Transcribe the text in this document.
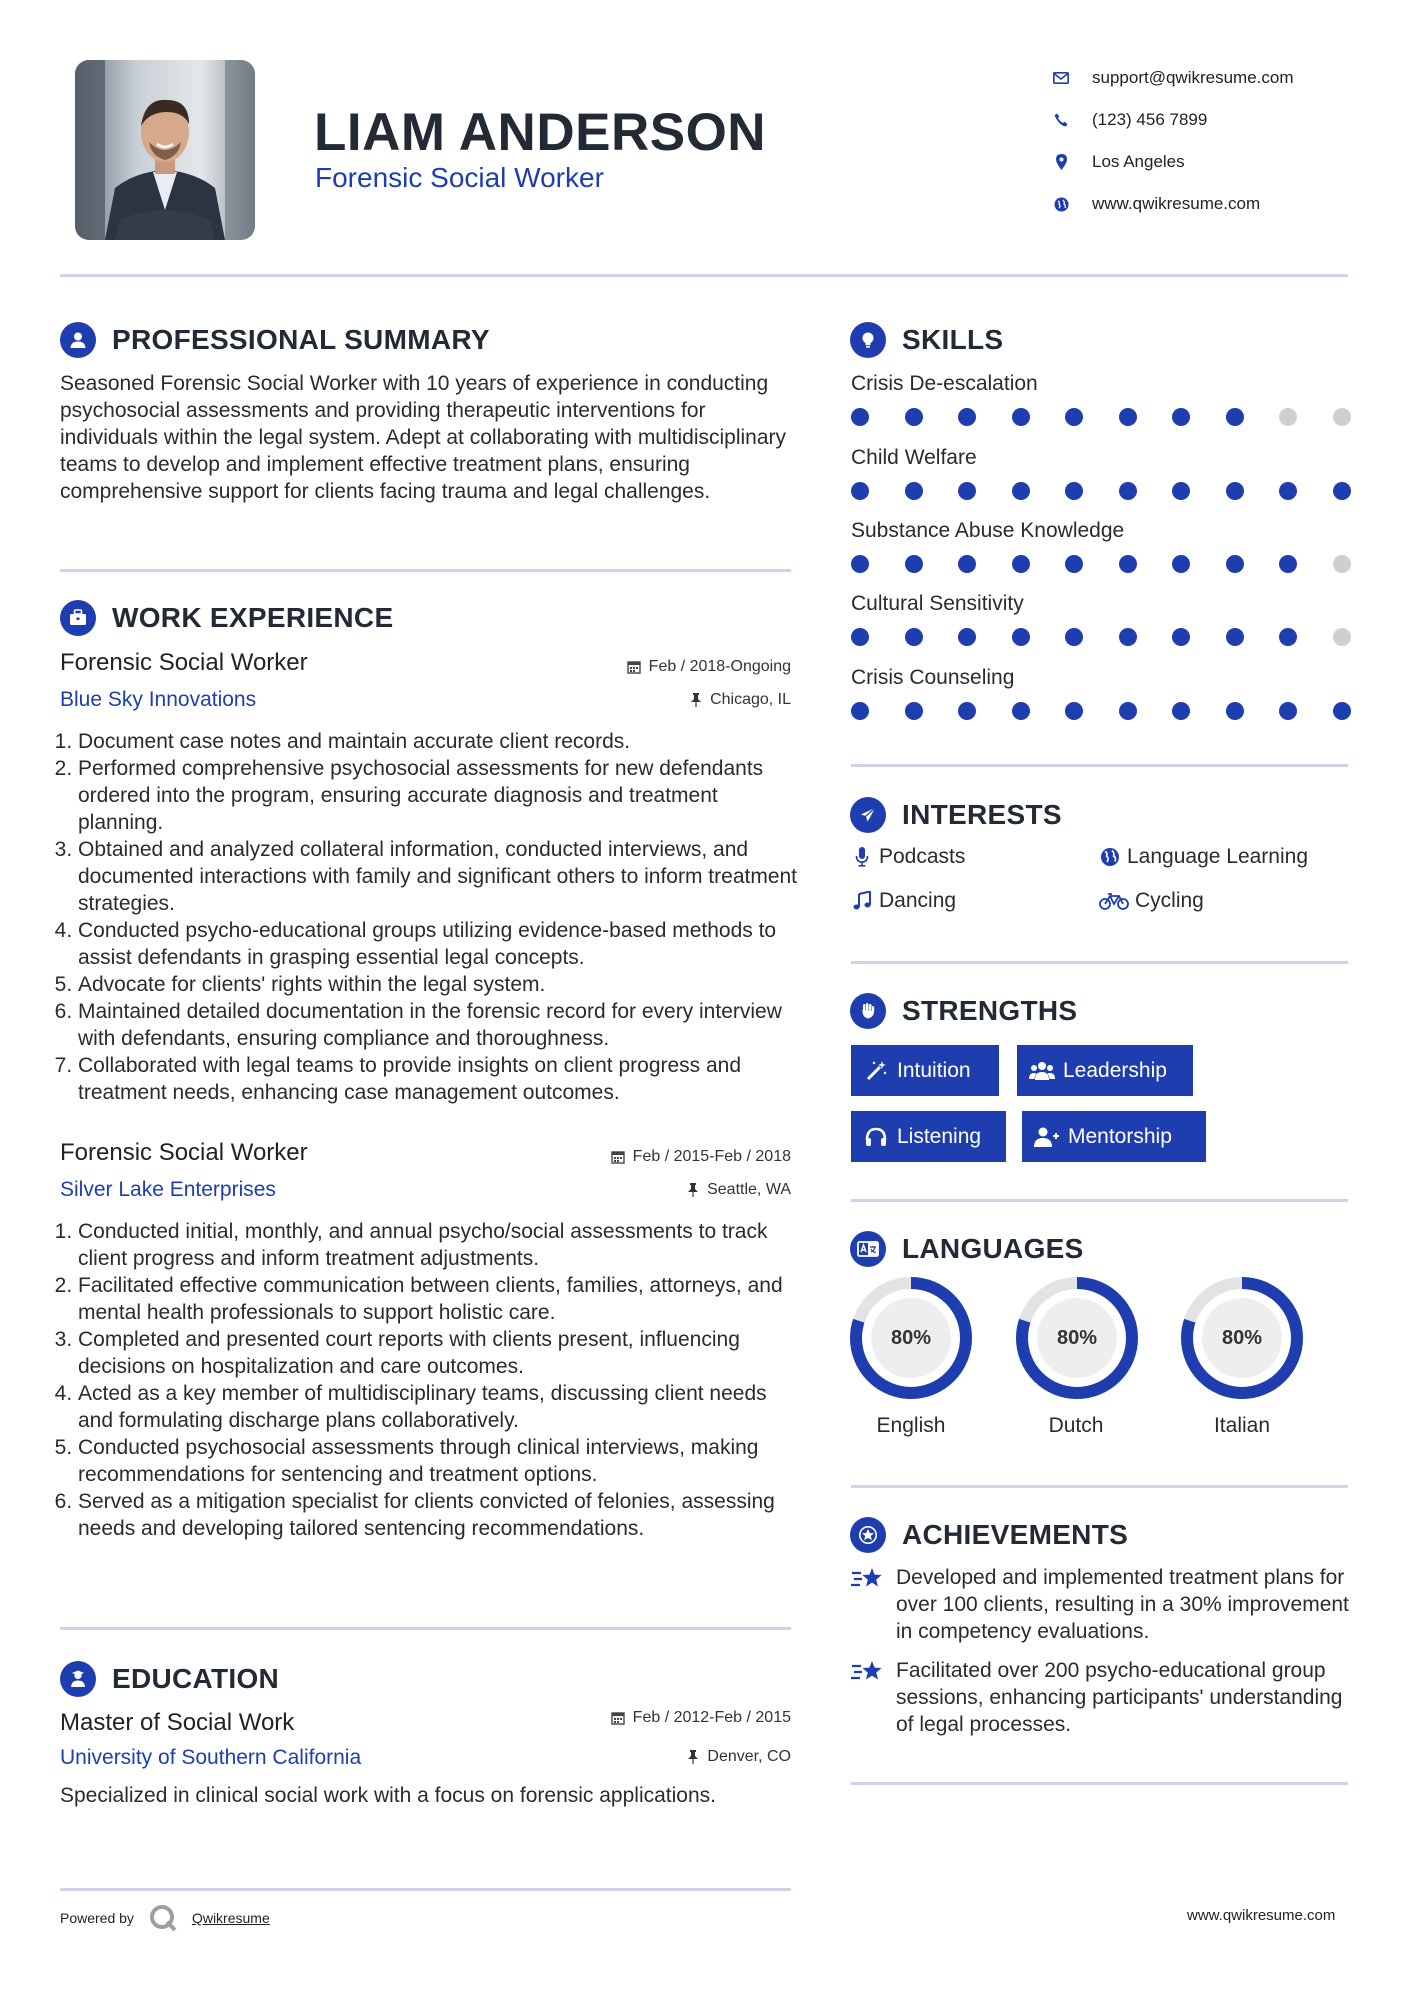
LIAM ANDERSON
Forensic Social Worker
support@qwikresume.com
(123) 456 7899
Los Angeles
www.qwikresume.com
PROFESSIONAL SUMMARY
Seasoned Forensic Social Worker with 10 years of experience in conducting psychosocial assessments and providing therapeutic interventions for individuals within the legal system. Adept at collaborating with multidisciplinary teams to develop and implement effective treatment plans, ensuring comprehensive support for clients facing trauma and legal challenges.
WORK EXPERIENCE
Forensic Social Worker	Feb / 2018-Ongoing
Blue Sky Innovations	Chicago, IL
1. Document case notes and maintain accurate client records.
2. Performed comprehensive psychosocial assessments for new defendants ordered into the program, ensuring accurate diagnosis and treatment planning.
3. Obtained and analyzed collateral information, conducted interviews, and documented interactions with family and significant others to inform treatment strategies.
4. Conducted psycho-educational groups utilizing evidence-based methods to assist defendants in grasping essential legal concepts.
5. Advocate for clients' rights within the legal system.
6. Maintained detailed documentation in the forensic record for every interview with defendants, ensuring compliance and thoroughness.
7. Collaborated with legal teams to provide insights on client progress and treatment needs, enhancing case management outcomes.
Forensic Social Worker	Feb / 2015-Feb / 2018
Silver Lake Enterprises	Seattle, WA
1. Conducted initial, monthly, and annual psycho/social assessments to track client progress and inform treatment adjustments.
2. Facilitated effective communication between clients, families, attorneys, and mental health professionals to support holistic care.
3. Completed and presented court reports with clients present, influencing decisions on hospitalization and care outcomes.
4. Acted as a key member of multidisciplinary teams, discussing client needs and formulating discharge plans collaboratively.
5. Conducted psychosocial assessments through clinical interviews, making recommendations for sentencing and treatment options.
6. Served as a mitigation specialist for clients convicted of felonies, assessing needs and developing tailored sentencing recommendations.
EDUCATION
Master of Social Work	Feb / 2012-Feb / 2015
University of Southern California	Denver, CO
Specialized in clinical social work with a focus on forensic applications.
SKILLS
Crisis De-escalation
Child Welfare
Substance Abuse Knowledge
Cultural Sensitivity
Crisis Counseling
INTERESTS
Podcasts	Language Learning
Dancing	Cycling
STRENGTHS
Intuition	Leadership
Listening	Mentorship
LANGUAGES
80%
English
80%
Dutch
80%
Italian
ACHIEVEMENTS
Developed and implemented treatment plans for over 100 clients, resulting in a 30% improvement in competency evaluations.
Facilitated over 200 psycho-educational group sessions, enhancing participants' understanding of legal processes.
Powered by	Qwikresume	www.qwikresume.com
